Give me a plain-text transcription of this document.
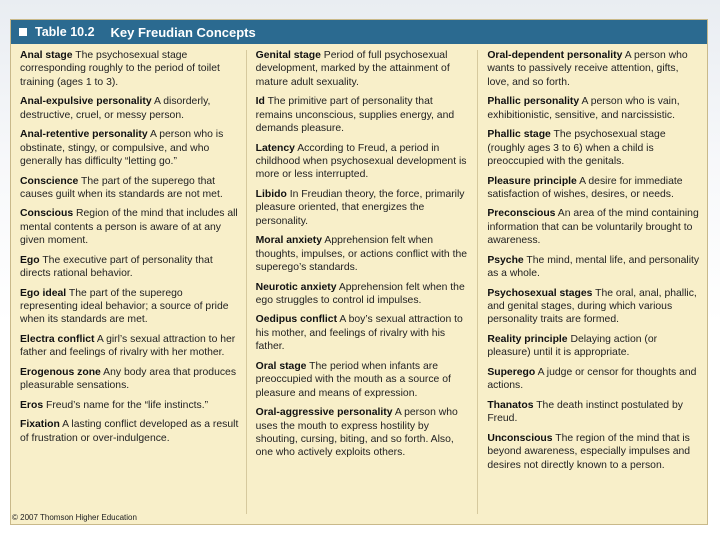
Table 10.2 Key Freudian Concepts
Anal stage The psychosexual stage corresponding roughly to the period of toilet training (ages 1 to 3).
Anal-expulsive personality A disorderly, destructive, cruel, or messy person.
Anal-retentive personality A person who is obstinate, stingy, or compulsive, and who generally has difficulty “letting go.”
Conscience The part of the superego that causes guilt when its standards are not met.
Conscious Region of the mind that includes all mental contents a person is aware of at any given moment.
Ego The executive part of personality that directs rational behavior.
Ego ideal The part of the superego representing ideal behavior; a source of pride when its standards are met.
Electra conflict A girl’s sexual attraction to her father and feelings of rivalry with her mother.
Erogenous zone Any body area that produces pleasurable sensations.
Eros Freud’s name for the “life instincts.”
Fixation A lasting conflict developed as a result of frustration or over-indulgence.
Genital stage Period of full psychosexual development, marked by the attainment of mature adult sexuality.
Id The primitive part of personality that remains unconscious, supplies energy, and demands pleasure.
Latency According to Freud, a period in childhood when psychosexual development is more or less interrupted.
Libido In Freudian theory, the force, primarily pleasure oriented, that energizes the personality.
Moral anxiety Apprehension felt when thoughts, impulses, or actions conflict with the superego’s standards.
Neurotic anxiety Apprehension felt when the ego struggles to control id impulses.
Oedipus conflict A boy’s sexual attraction to his mother, and feelings of rivalry with his father.
Oral stage The period when infants are preoccupied with the mouth as a source of pleasure and means of expression.
Oral-aggressive personality A person who uses the mouth to express hostility by shouting, cursing, biting, and so forth. Also, one who actively exploits others.
Oral-dependent personality A person who wants to passively receive attention, gifts, love, and so forth.
Phallic personality A person who is vain, exhibitionistic, sensitive, and narcissistic.
Phallic stage The psychosexual stage (roughly ages 3 to 6) when a child is preoccupied with the genitals.
Pleasure principle A desire for immediate satisfaction of wishes, desires, or needs.
Preconscious An area of the mind containing information that can be voluntarily brought to awareness.
Psyche The mind, mental life, and personality as a whole.
Psychosexual stages The oral, anal, phallic, and genital stages, during which various personality traits are formed.
Reality principle Delaying action (or pleasure) until it is appropriate.
Superego A judge or censor for thoughts and actions.
Thanatos The death instinct postulated by Freud.
Unconscious The region of the mind that is beyond awareness, especially impulses and desires not directly known to a person.
© 2007 Thomson Higher Education
